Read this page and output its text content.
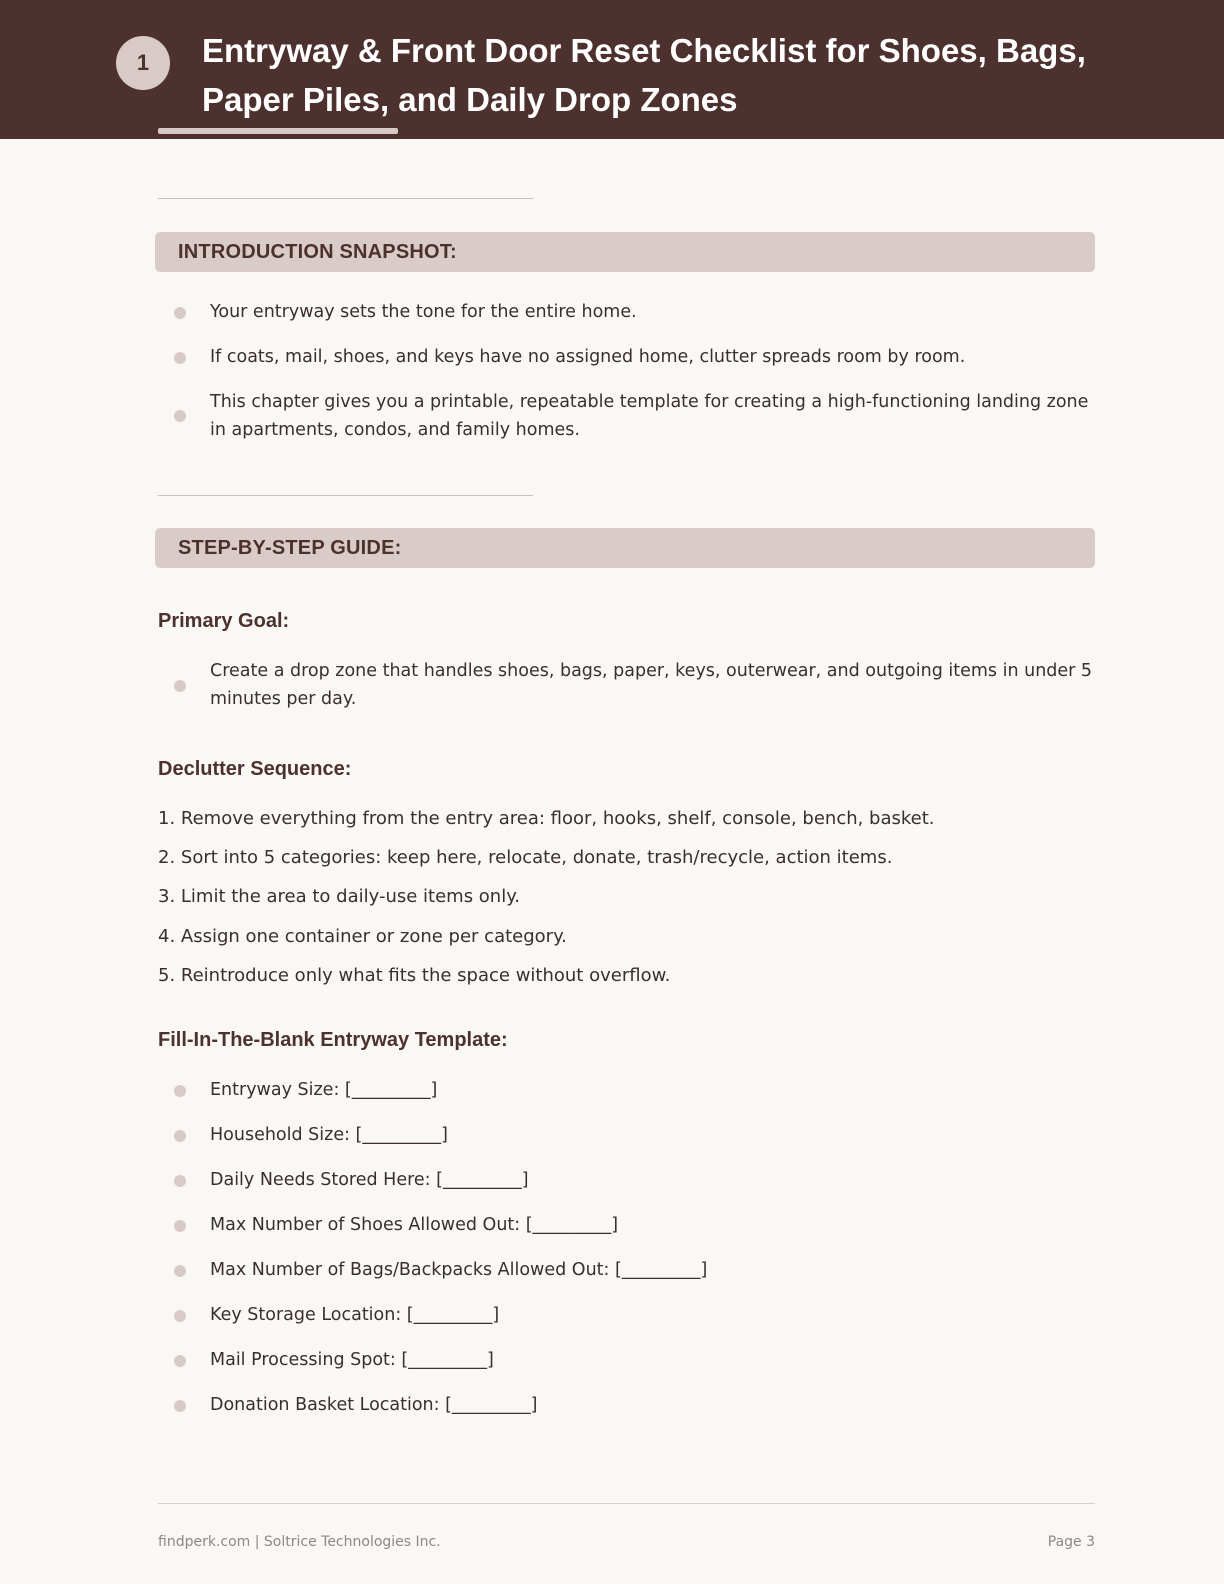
1	Entryway & Front Door Reset Checklist for Shoes, Bags,
Paper Piles, and Daily Drop Zones
INTRODUCTION SNAPSHOT:
Your entryway sets the tone for the entire home.
If coats, mail, shoes, and keys have no assigned home, clutter spreads room by room.
This chapter gives you a printable, repeatable template for creating a high-functioning landing zone in apartments, condos, and family homes.
STEP-BY-STEP GUIDE:
Primary Goal:
Create a drop zone that handles shoes, bags, paper, keys, outerwear, and outgoing items in under 5 minutes per day.
Declutter Sequence:
1. Remove everything from the entry area: floor, hooks, shelf, console, bench, basket.
2. Sort into 5 categories: keep here, relocate, donate, trash/recycle, action items.
3. Limit the area to daily-use items only.
4. Assign one container or zone per category.
5. Reintroduce only what fits the space without overflow.
Fill-In-The-Blank Entryway Template:
Entryway Size: [_________]
Household Size: [_________]
Daily Needs Stored Here: [_________]
Max Number of Shoes Allowed Out: [_________]
Max Number of Bags/Backpacks Allowed Out: [_________]
Key Storage Location: [_________]
Mail Processing Spot: [_________]
Donation Basket Location: [_________]
findperk.com | Soltrice Technologies Inc.	Page 3
